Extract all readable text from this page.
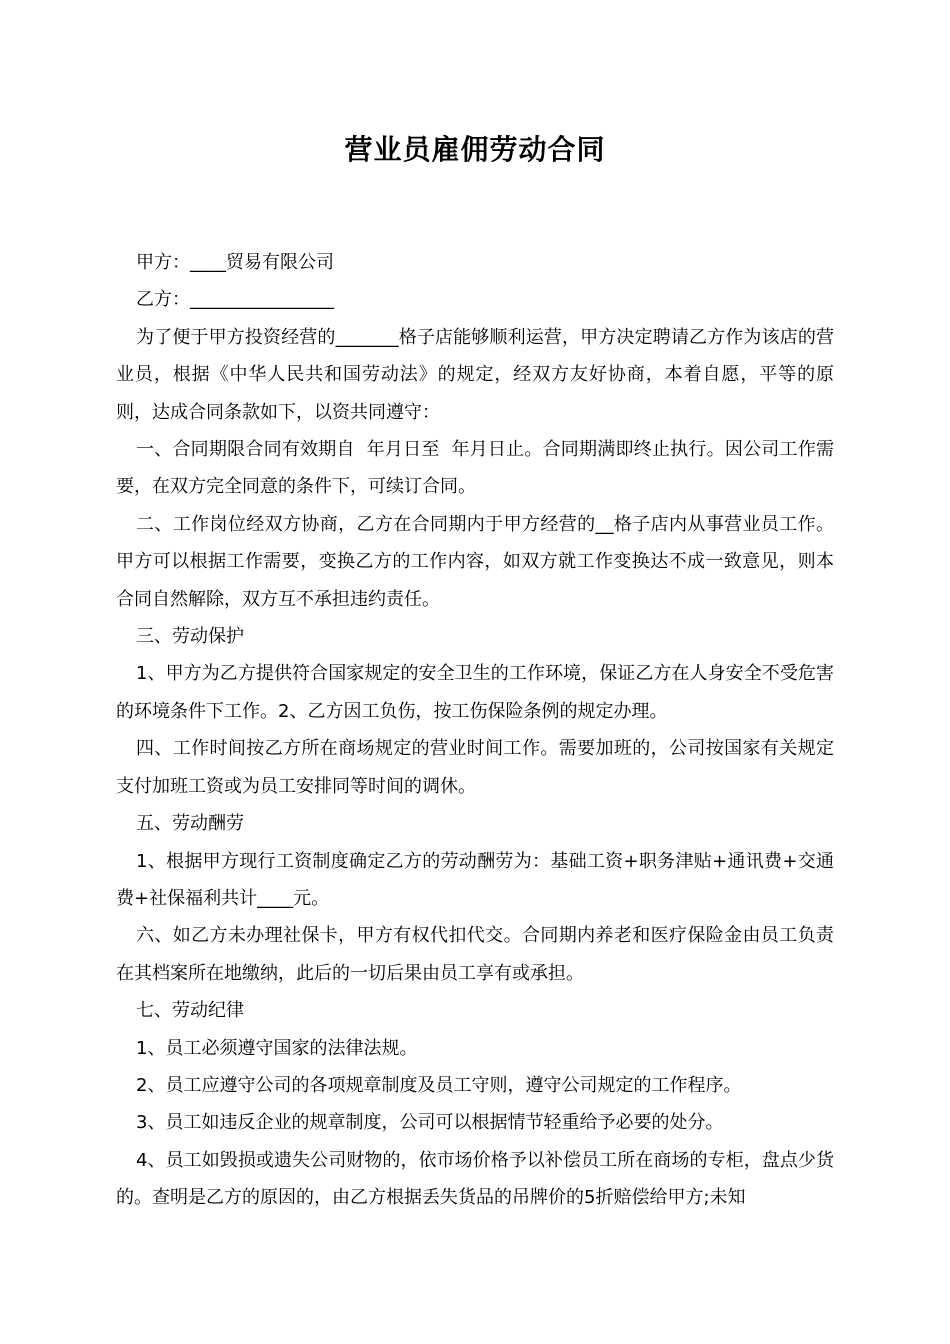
营业员雇佣劳动合同

甲方：____贸易有限公司

乙方：________________

为了便于甲方投资经营的_______格子店能够顺利运营，甲方决定聘请乙方作为该店的营业员，根据《中华人民共和国劳动法》的规定，经双方友好协商，本着自愿，平等的原则，达成合同条款如下，以资共同遵守：

一、合同期限合同有效期自  年月日至  年月日止。合同期满即终止执行。因公司工作需要，在双方完全同意的条件下，可续订合同。

二、工作岗位经双方协商，乙方在合同期内于甲方经营的__格子店内从事营业员工作。甲方可以根据工作需要，变换乙方的工作内容，如双方就工作变换达不成一致意见，则本合同自然解除，双方互不承担违约责任。

三、劳动保护

1、甲方为乙方提供符合国家规定的安全卫生的工作环境，保证乙方在人身安全不受危害的环境条件下工作。2、乙方因工负伤，按工伤保险条例的规定办理。

四、工作时间按乙方所在商场规定的营业时间工作。需要加班的，公司按国家有关规定支付加班工资或为员工安排同等时间的调休。

五、劳动酬劳

1、根据甲方现行工资制度确定乙方的劳动酬劳为：基础工资+职务津贴+通讯费+交通费+社保福利共计____元。

六、如乙方未办理社保卡，甲方有权代扣代交。合同期内养老和医疗保险金由员工负责在其档案所在地缴纳，此后的一切后果由员工享有或承担。

七、劳动纪律

1、员工必须遵守国家的法律法规。

2、员工应遵守公司的各项规章制度及员工守则，遵守公司规定的工作程序。

3、员工如违反企业的规章制度，公司可以根据情节轻重给予必要的处分。

4、员工如毁损或遗失公司财物的，依市场价格予以补偿员工所在商场的专柜，盘点少货的。查明是乙方的原因的，由乙方根据丢失货品的吊牌价的5折赔偿给甲方;未知
